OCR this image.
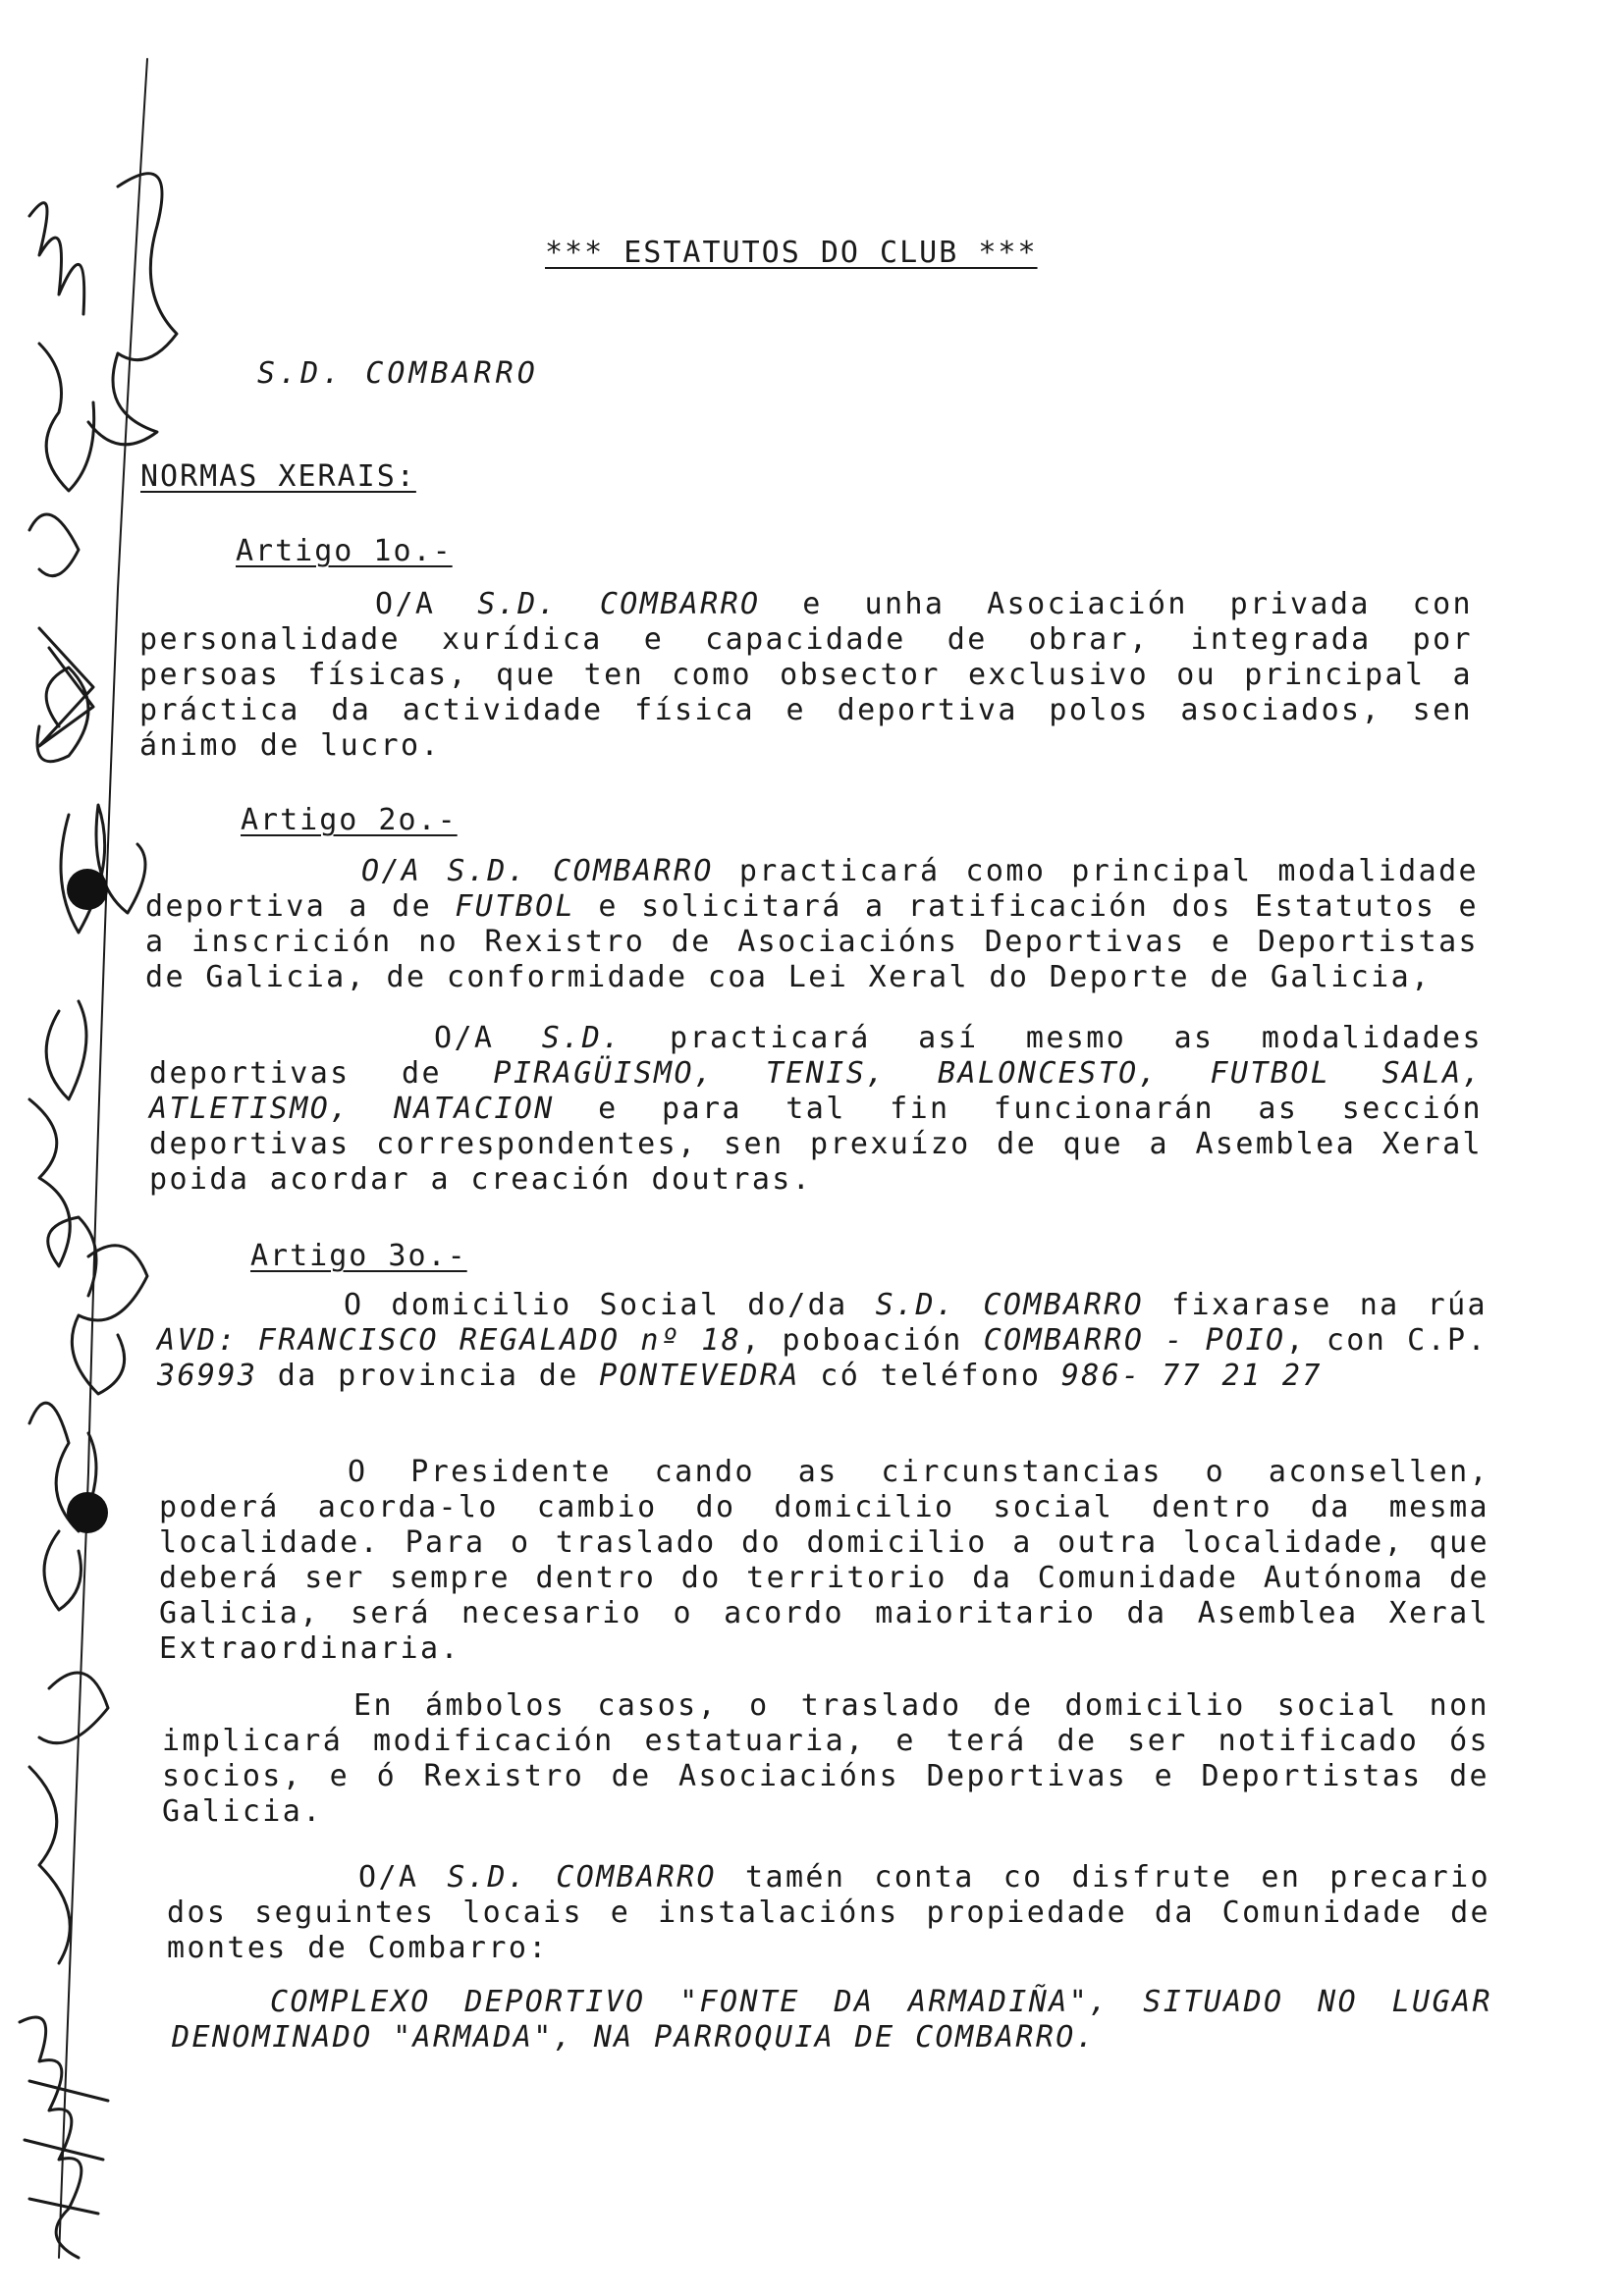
*** ESTATUTOS DO CLUB ***
S.D. COMBARRO
NORMAS XERAIS:
Artigo 1o.-
O/A S.D. COMBARRO e unha Asociación privada con personalidade xurídica e capacidade de obrar, integrada por persoas físicas, que ten como obsector exclusivo ou principal a práctica da actividade física e deportiva polos asociados, sen ánimo de lucro.
Artigo 2o.-
O/A S.D. COMBARRO practicará como principal modalidade deportiva a de FUTBOL e solicitará a ratificación dos Estatutos e a inscrición no Rexistro de Asociacións Deportivas e Deportistas de Galicia, de conformidade coa Lei Xeral do Deporte de Galicia,
O/A S.D. practicará así mesmo as modalidades deportivas de PIRAGÜISMO, TENIS, BALONCESTO, FUTBOL SALA, ATLETISMO, NATACION e para tal fin funcionarán as sección deportivas correspondentes, sen prexuízo de que a Asemblea Xeral poida acordar a creación doutras.
Artigo 3o.-
O domicilio Social do/da S.D. COMBARRO fixarase na rúa AVD: FRANCISCO REGALADO nº 18, poboación COMBARRO - POIO, con C.P. 36993 da provincia de PONTEVEDRA có teléfono 986- 77 21 27
O Presidente cando as circunstancias o aconsellen, poderá acorda-lo cambio do domicilio social dentro da mesma localidade. Para o traslado do domicilio a outra localidade, que deberá ser sempre dentro do territorio da Comunidade Autónoma de Galicia, será necesario o acordo maioritario da Asemblea Xeral Extraordinaria.
En ámbolos casos, o traslado de domicilio social non implicará modificación estatuaria, e terá de ser notificado ós socios, e ó Rexistro de Asociacións Deportivas e Deportistas de Galicia.
O/A S.D. COMBARRO tamén conta co disfrute en precario dos seguintes locais e instalacións propiedade da Comunidade de montes de Combarro:
COMPLEXO DEPORTIVO "FONTE DA ARMADIÑA", SITUADO NO LUGAR DENOMINADO "ARMADA", NA PARROQUIA DE COMBARRO.
